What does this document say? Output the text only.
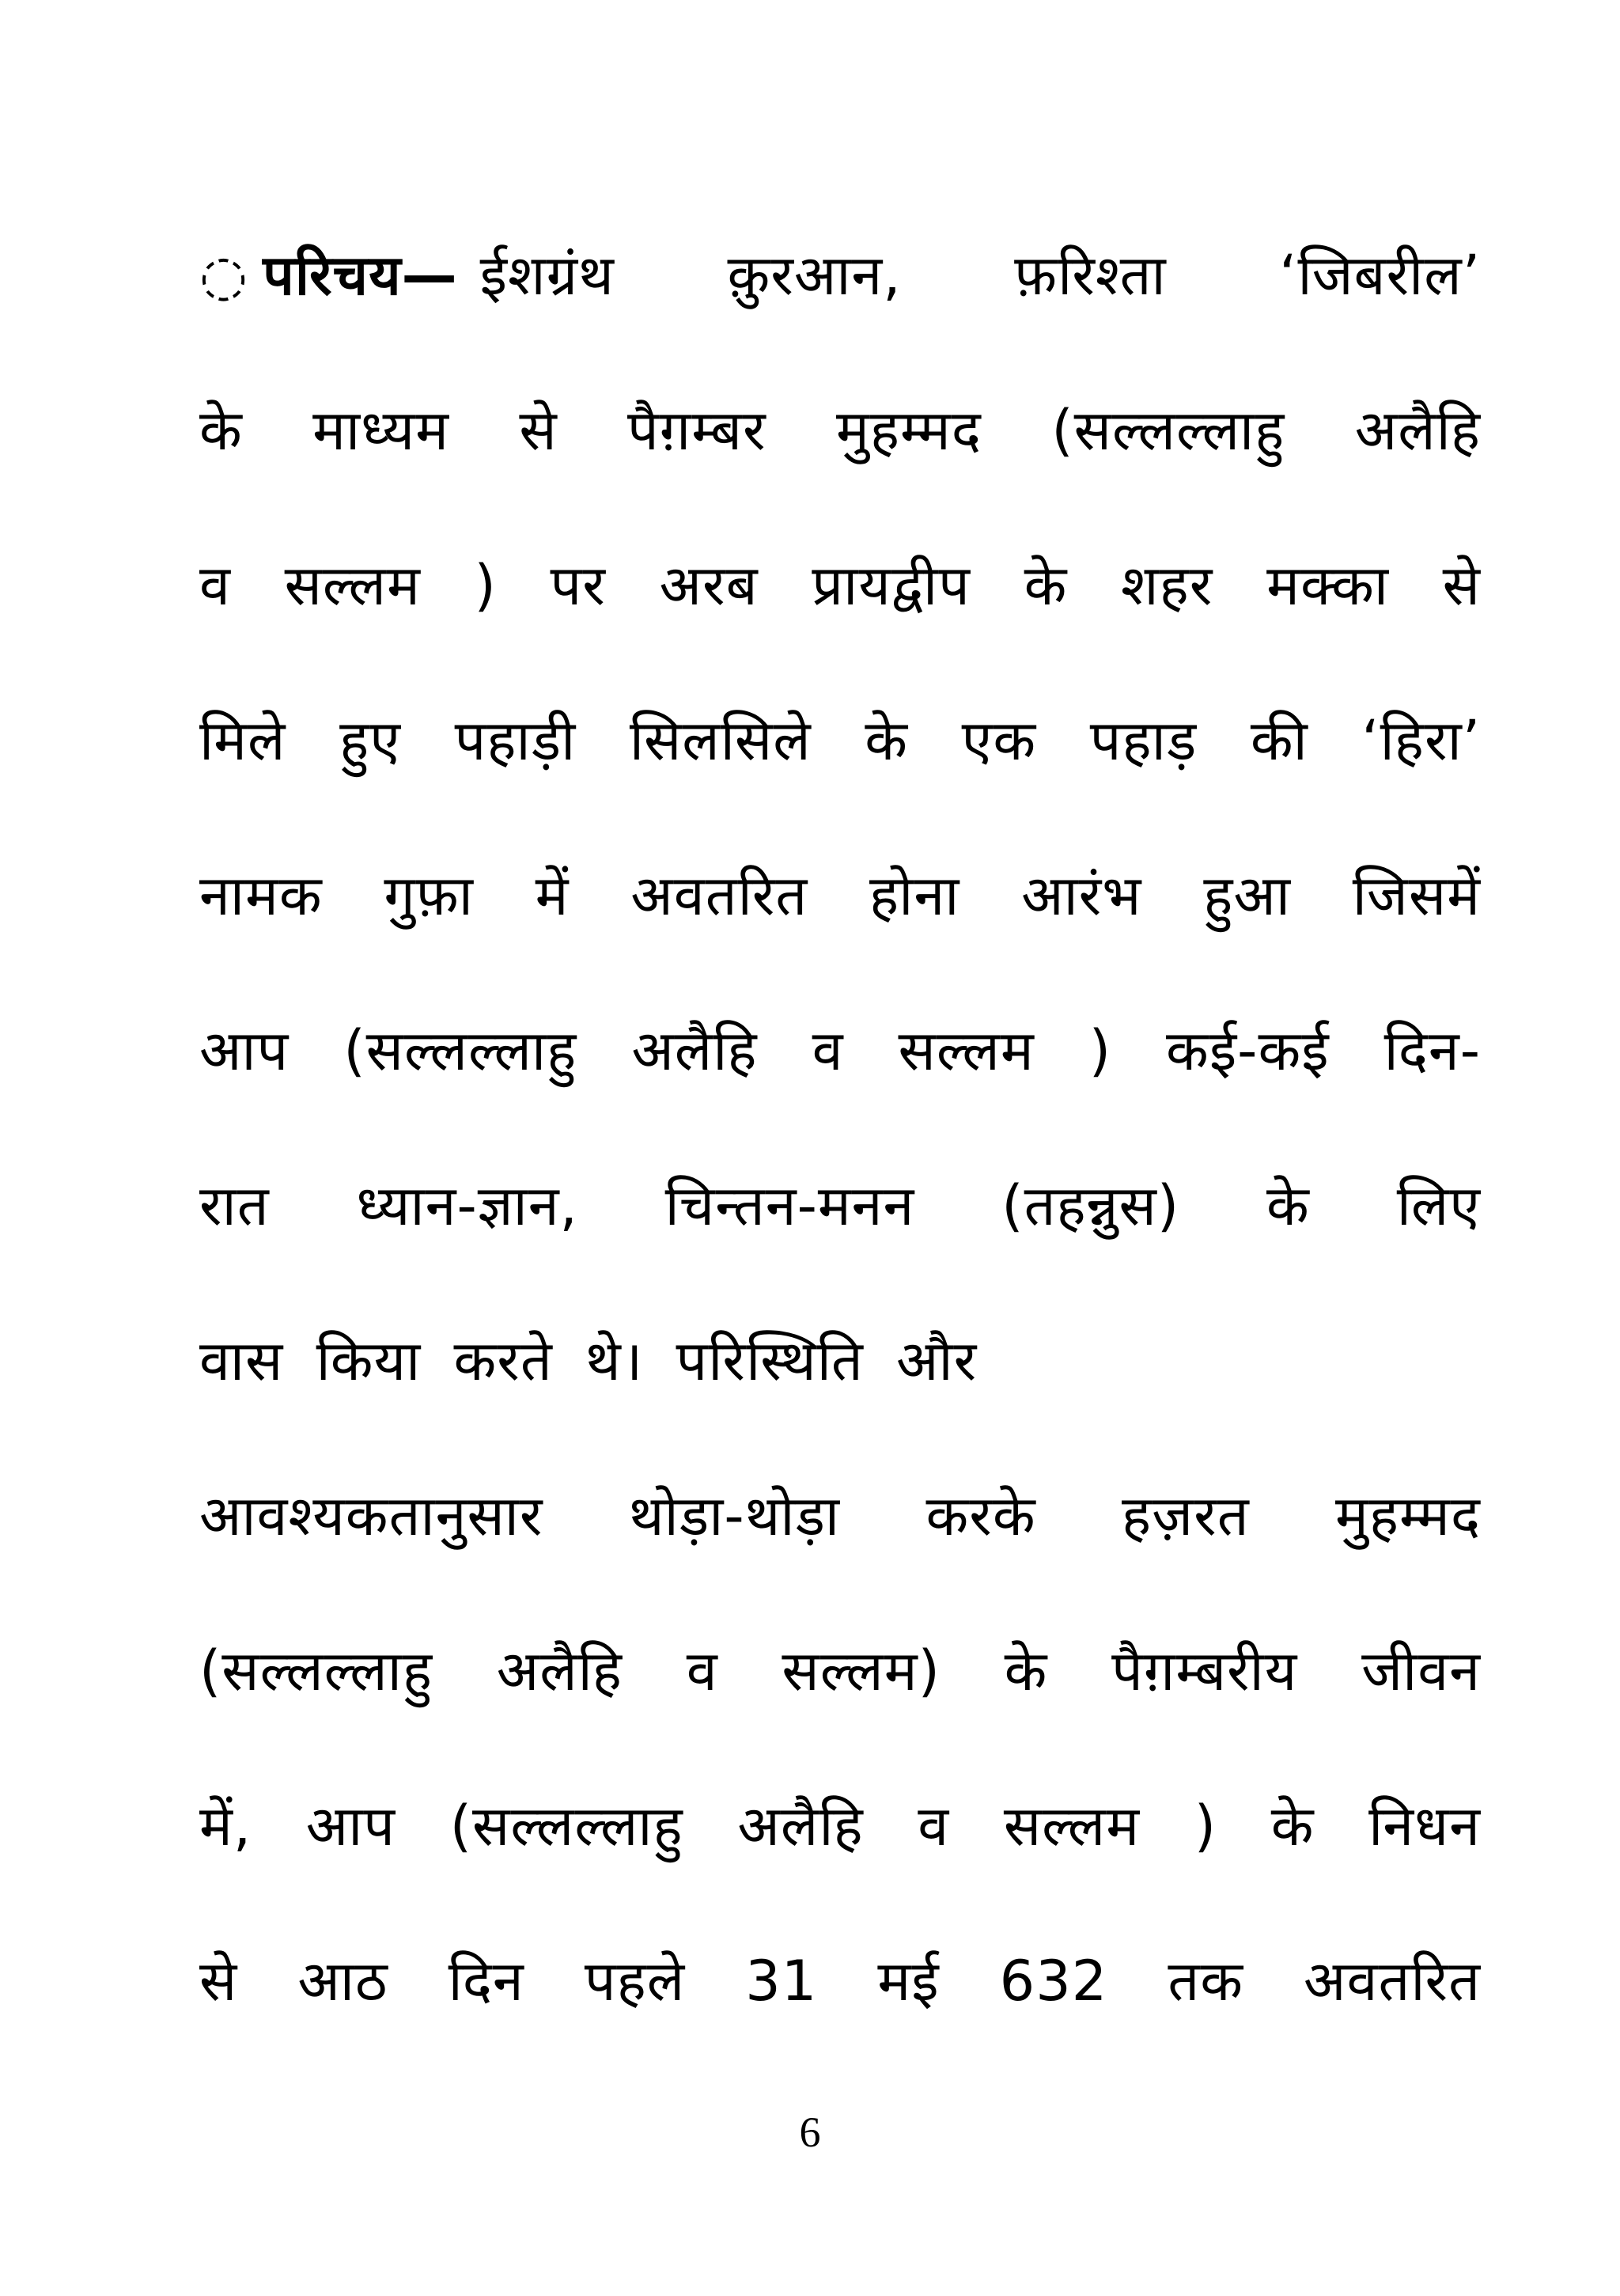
◌ परिचय— ईशग्रंथ क़ुरआन, फ़रिश्ता ‘जिबरील’
के माध्यम से पैग़म्बर मुहम्मद (सल्लल्लाहु अलैहि
व सल्लम ) पर अरब प्रायद्वीप के शहर मक्का से
मिले हुए पहाड़ी सिलसिले के एक पहाड़ की ‘हिरा’
नामक गुफ़ा में अवतरित होना आरंभ हुआ जिसमें
आप (सल्लल्लाहु अलैहि व सल्लम ) कई-कई दिन-
रात ध्यान-ज्ञान, चिन्तन-मनन (तहन्नुस) के लिए
वास किया करते थे। परिस्थिति और
आवश्यकतानुसार थोड़ा-थोड़ा करके हज़रत मुहम्मद
(सल्लल्लाहु अलैहि व सल्लम) के पैग़म्बरीय जीवन
में, आप (सल्लल्लाहु अलैहि व सल्लम ) के निधन
से आठ दिन पहले 31 मई 632 तक अवतरित
6
